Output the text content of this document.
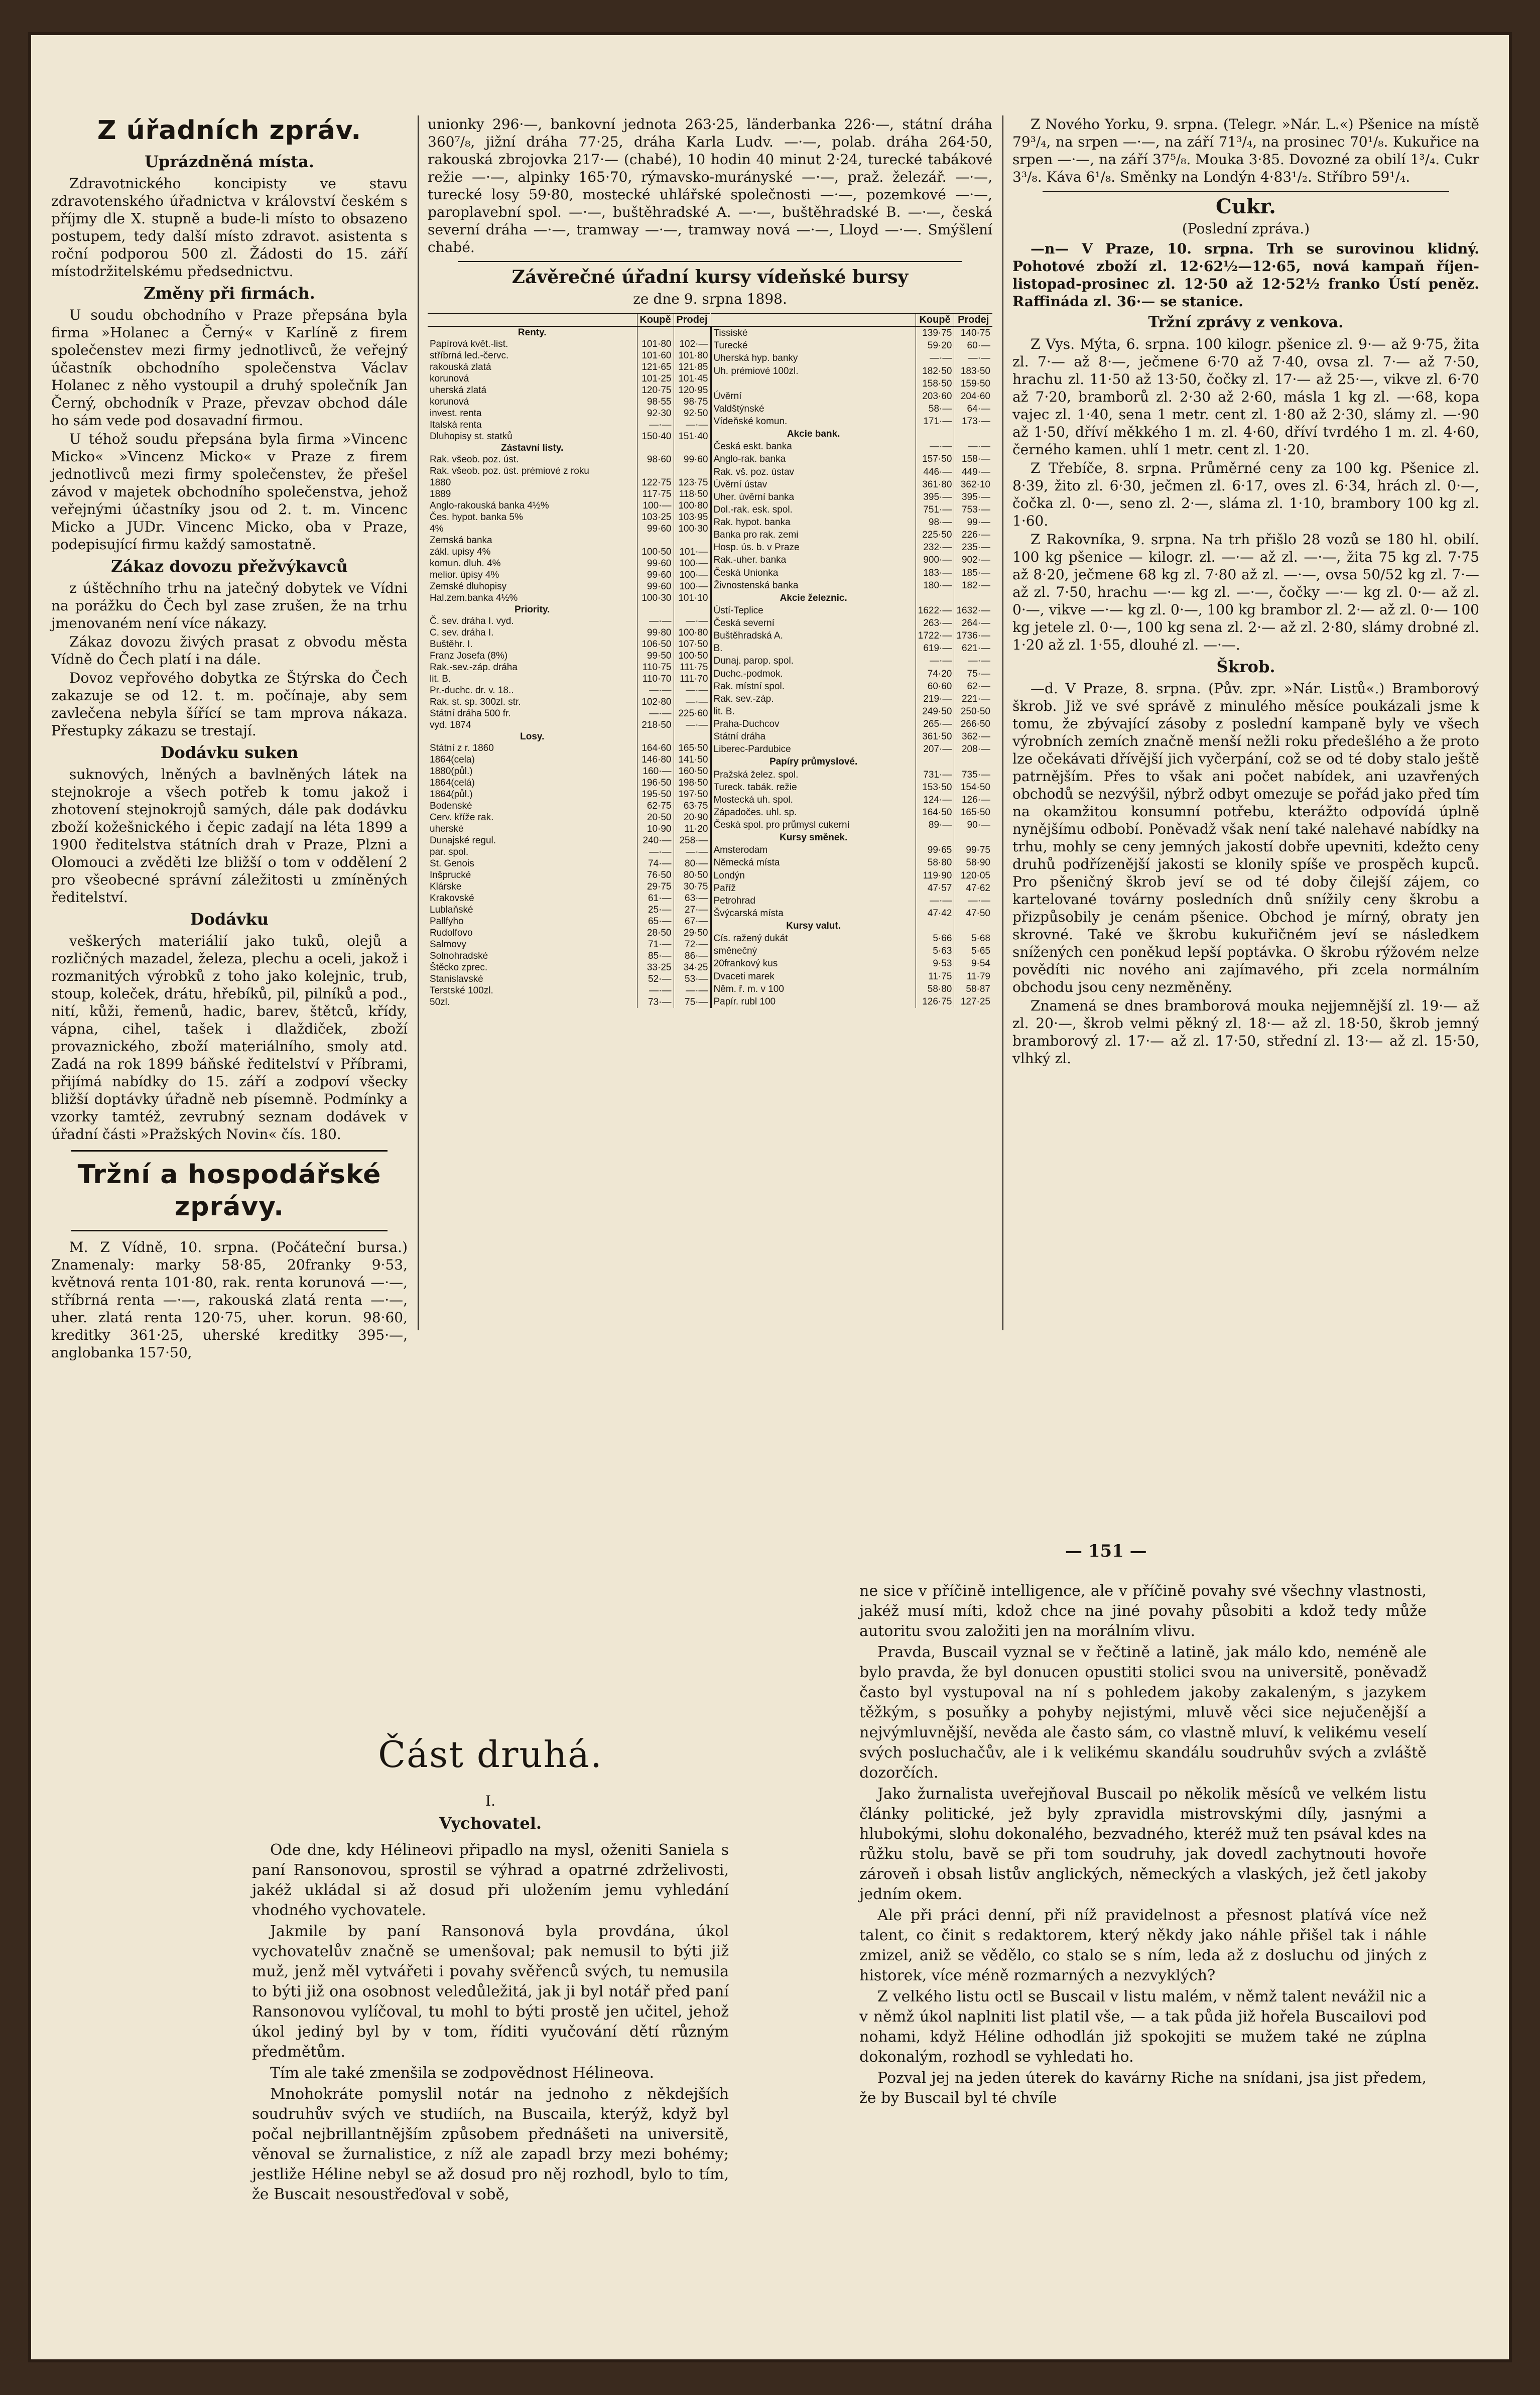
Z úřadních zpráv.
Uprázdněná místa.

Zdravotnického koncipisty ve stavu zdravotenského úřadnictva v království českém s příjmy dle X. stupně a bude-li místo to obsazeno postupem, tedy další místo zdravot. asistenta s roční podporou 500 zl. Žádosti do 15. září místodržitelskému předsednictvu.

Změny při firmách.

U soudu obchodního v Praze přepsána byla firma »Holanec a Černý« v Karlíně z firem společenstev mezi firmy jednotlivců, že veřejný účastník obchodního společenstva Václav Holanec z něho vystoupil a druhý společník Jan Černý, obchodník v Praze, převzav obchod dále ho sám vede pod dosavadní firmou.

U téhož soudu přepsána byla firma »Vincenc Micko« »Vincenz Micko« v Praze z firem jednotlivců mezi firmy společenstev, že přešel závod v majetek obchodního společenstva, jehož veřejnými účastníky jsou od 2. t. m. Vincenc Micko a JUDr. Vincenc Micko, oba v Praze, podepisující firmu každý samostatně.

Zákaz dovozu přežvýkavců

z úštěchního trhu na jatečný dobytek ve Vídni na porážku do Čech byl zase zrušen, že na trhu jmenovaném není více nákazy.

Zákaz dovozu živých prasat z obvodu města Vídně do Čech platí i na dále.

Dovoz vepřového dobytka ze Štýrska do Čech zakazuje se od 12. t. m. počínaje, aby sem zavlečena nebyla šířící se tam mprova nákaza. Přestupky zákazu se trestají.

Dodávku suken

suknových, lněných a bavlněných látek na stejnokroje a všech potřeb k tomu jakož i zhotovení stejnokrojů samých, dále pak dodávku zboží kožešnického i čepic zadají na léta 1899 a 1900 ředitelstva státních drah v Praze, Plzni a Olomouci a zvěděti lze bližší o tom v oddělení 2 pro všeobecné správní záležitosti u zmíněných ředitelství.

Dodávku

veškerých materiálií jako tuků, olejů a rozličných mazadel, železa, plechu a oceli, jakož i rozmanitých výrobků z toho jako kolejnic, trub, stoup, koleček, drátu, hřebíků, pil, pilníků a pod., nití, kůži, řemenů, hadic, barev, štětců, křídy, vápna, cihel, tašek i dlaždiček, zboží provaznického, zboží materiálního, smoly atd. Zadá na rok 1899 báňské ředitelství v Příbrami, přijímá nabídky do 15. září a zodpoví všecky bližší doptávky úřadně neb písemně. Podmínky a vzorky tamtéž, zevrubný seznam dodávek v úřadní části »Pražských Novin« čís. 180.

Tržní a hospodářské zprávy.

M. Z Vídně, 10. srpna. (Počáteční bursa.) Znamenaly: marky 58·85, 20franky 9·53, květnová renta 101·80, rak. renta korunová —·—, stříbrná renta —·—, rakouská zlatá renta —·—, uher. zlatá renta 120·75, uher. korun. 98·60, kreditky 361·25, uherské kreditky 395·—, anglobanka 157·50,

unionky 296·—, bankovní jednota 263·25, länderbanka 226·—, státní dráha 360⁷/₈, jižní dráha 77·25, dráha Karla Ludv. —·—, polab. dráha 264·50, rakouská zbrojovka 217·— (chabé), 10 hodin 40 minut 2·24, turecké tabákové režie —·—, alpinky 165·70, rýmavsko-murányské —·—, praž. železář. —·—, turecké losy 59·80, mostecké uhlářské společnosti —·—, pozemkové —·—, paroplavební spol. —·—, buštěhradské A. —·—, buštěhradské B. —·—, česká severní dráha —·—, tramway —·—, tramway nová —·—, Lloyd —·—. Smýšlení chabé.

Závěrečné úřadní kursy vídeňské bursy
ze dne 9. srpna 1898.
	Koupě	Prodej
Renty.		
Papírová květ.-list.	101·80	102·—
stříbrná led.-červc.	101·60	101·80
rakouská zlatá	121·65	121·85
korunová	101·25	101·45
uherská zlatá	120·75	120·95
korunová	98·55	98·75
invest. renta	92·30	92·50
Italská renta	—·—	—·—
Dluhopisy st. statků	150·40	151·40
Zástavní listy.		
Rak. všeob. poz. úst.	98·60	99·60
Rak. všeob. poz. úst. prémiové z roku		
1880	122·75	123·75
1889	117·75	118·50
Anglo-rakouská banka 4½%	100·—	100·80
Čes. hypot. banka 5%	103·25	103·95
4%	99·60	100·30
Zemská banka		
zákl. upisy 4%	100·50	101·—
komun. dluh. 4%	99·60	100·—
melior. úpisy 4%	99·60	100·—
Zemské dluhopisy	99·60	100·—
Hal.zem.banka 4½%	100·30	101·10
Priority.		
Č. sev. dráha I. vyd.	—·—	—·—
C. sev. dráha I.	99·80	100·80
Buštěhr. I.	106·50	107·50
Franz Josefa (8%)	99·50	100·50
Rak.-sev.-záp. dráha	110·75	111·75
lit. B.	110·70	111·70
Pr.-duchc. dr. v. 18..	—·—	—·—
Rak. st. sp. 300zl. str.	102·80	—·—
Státní dráha 500 fr.	—·—	225·60
vyd. 1874	218·50	—·—
Losy.		
Státní z r. 1860	164·60	165·50
1864(cela)	146·80	141·50
1880(půl.)	160·—	160·50
1864(celá)	196·50	198·50
1864(půl.)	195·50	197·50
Bodenské	62·75	63·75
Cerv. kříže rak.	20·50	20·90
uherské	10·90	11·20
Dunajské regul.	240·—	258·—
par. spol.	—·—	—·—
St. Genois	74·—	80·—
Inšprucké	76·50	80·50
Klárske	29·75	30·75
Krakovské	61·—	63·—
Lublaňské	25·—	27·—
Pallfyho	65·—	67·—
Rudolfovo	28·50	29·50
Salmovy	71·—	72·—
Solnohradské	85·—	86·—
Štěcko zprec.	33·25	34·25
Stanislavské	52·—	53·—
Terstské 100zl.	—·—	—·—
50zl.	73·—	75·—
	Koupě	Prodej
Tissiské	139·75	140·75
Turecké	59·20	60·—
Uherská hyp. banky	—·—	—·—
Uh. prémiové 100zl.	182·50	183·50
	158·50	159·50
Úvěrní	203·60	204·60
Valdštýnské	58·—	64·—
Vídeňské komun.	171·—	173·—
Akcie bank.		
Česká eskt. banka	—·—	—·—
Anglo-rak. banka	157·50	158·—
Rak. vš. poz. ústav	446·—	449·—
Úvěrní ústav	361·80	362·10
Uher. úvěrní banka	395·—	395·—
Dol.-rak. esk. spol.	751·—	753·—
Rak. hypot. banka	98·—	99·—
Banka pro rak. zemi	225·50	226·—
Hosp. ús. b. v Praze	232·—	235·—
Rak.-uher. banka	900·—	902·—
Česká Unionka	183·—	185·—
Živnostenská banka	180·—	182·—
Akcie železnic.		
Ústí-Teplice	1622·—	1632·—
Česká severní	263·—	264·—
Buštěhradská A.	1722·—	1736·—
B.	619·—	621·—
Dunaj. parop. spol.	—·—	—·—
Duchc.-podmok.	74·20	75·—
Rak. místní spol.	60·60	62·—
Rak. sev.-záp.	219·—	221·—
lit. B.	249·50	250·50
Praha-Duchcov	265·—	266·50
Státní dráha	361·50	362·—
Liberec-Pardubice	207·—	208·—
Papíry průmyslové.		
Pražská želez. spol.	731·—	735·—
Tureck. tabák. režie	153·50	154·50
Mostecká uh. spol.	124·—	126·—
Západočes. uhl. sp.	164·50	165·50
Česká spol. pro průmysl cukerní	89·—	90·—
Kursy směnek.		
Amsterodam	99·65	99·75
Německá místa	58·80	58·90
Londýn	119·90	120·05
Paříž	47·57	47·62
Petrohrad	—·—	—·—
Švýcarská místa	47·42	47·50
Kursy valut.		
Cís. ražený dukát	5·66	5·68
směnečný	5·63	5·65
20frankový kus	9·53	9·54
Dvaceti marek	11·75	11·79
Něm. ř. m. v 100	58·80	58·87
Papír. rubl 100	126·75	127·25

Z Nového Yorku, 9. srpna. (Telegr. »Nár. L.«) Pšenice na místě 79³/₄, na srpen —·—, na září 71³/₄, na prosinec 70¹/₈. Kukuřice na srpen —·—, na září 37⁵/₈. Mouka 3·85. Dovozné za obilí 1³/₄. Cukr 3³/₈. Káva 6¹/₈. Směnky na Londýn 4·83¹/₂. Stříbro 59¹/₄.

Cukr.
(Poslední zpráva.)

—n— V Praze, 10. srpna. Trh se surovinou klidný. Pohotové zboží zl. 12·62½—12·65, nová kampaň říjen-listopad-prosinec zl. 12·50 až 12·52½ franko Ústí peněz. Raffináda zl. 36·— se stanice.

Tržní zprávy z venkova.

Z Vys. Mýta, 6. srpna. 100 kilogr. pšenice zl. 9·— až 9·75, žita zl. 7·— až 8·—, ječmene 6·70 až 7·40, ovsa zl. 7·— až 7·50, hrachu zl. 11·50 až 13·50, čočky zl. 17·— až 25·—, vikve zl. 6·70 až 7·20, bramborů zl. 2·30 až 2·60, másla 1 kg zl. —·68, kopa vajec zl. 1·40, sena 1 metr. cent zl. 1·80 až 2·30, slámy zl. —·90 až 1·50, dříví měkkého 1 m. zl. 4·60, dříví tvrdého 1 m. zl. 4·60, černého kamen. uhlí 1 metr. cent zl. 1·20.

Z Třebíče, 8. srpna. Průměrné ceny za 100 kg. Pšenice zl. 8·39, žito zl. 6·30, ječmen zl. 6·17, oves zl. 6·34, hrách zl. 0·—, čočka zl. 0·—, seno zl. 2·—, sláma zl. 1·10, brambory 100 kg zl. 1·60.

Z Rakovníka, 9. srpna. Na trh přišlo 28 vozů se 180 hl. obilí. 100 kg pšenice — kilogr. zl. —·— až zl. —·—, žita 75 kg zl. 7·75 až 8·20, ječmene 68 kg zl. 7·80 až zl. —·—, ovsa 50/52 kg zl. 7·— až zl. 7·50, hrachu —·— kg zl. —·—, čočky —·— kg zl. 0·— až zl. 0·—, vikve —·— kg zl. 0·—, 100 kg brambor zl. 2·— až zl. 0·— 100 kg jetele zl. 0·—, 100 kg sena zl. 2·— až zl. 2·80, slámy drobné zl. 1·20 až zl. 1·55, dlouhé zl. —·—.

Škrob.

—d. V Praze, 8. srpna. (Pův. zpr. »Nár. Listů«.) Bramborový škrob. Již ve své správě z minulého měsíce poukázali jsme k tomu, že zbývající zásoby z poslední kampaně byly ve všech výrobních zemích značně menší nežli roku předešlého a že proto lze očekávati dřívější jich vyčerpání, což se od té doby stalo ještě patrnějším. Přes to však ani počet nabídek, ani uzavřených obchodů se nezvýšil, nýbrž odbyt omezuje se pořád jako před tím na okamžitou konsumní potřebu, kterážto odpovídá úplně nynějšímu odbobí. Poněvadž však není také nalehavé nabídky na trhu, mohly se ceny jemných jakostí dobře upevniti, kdežto ceny druhů podřízenější jakosti se klonily spíše ve prospěch kupců. Pro pšeničný škrob jeví se od té doby čilejší zájem, co kartelované továrny posledních dnů snížily ceny škrobu a přizpůsobily je cenám pšenice. Obchod je mírný, obraty jen skrovné. Také ve škrobu kukuřičném jeví se následkem snížených cen poněkud lepší poptávka. O škrobu rýžovém nelze povědíti nic nového ani zajímavého, při zcela normálním obchodu jsou ceny nezměněny.

Znamená se dnes bramborová mouka nejjemnější zl. 19·— až zl. 20·—, škrob velmi pěkný zl. 18·— až zl. 18·50, škrob jemný bramborový zl. 17·— až zl. 17·50, střední zl. 13·— až zl. 15·50, vlhký zl.

— 151 —
Část druhá.
I.
Vychovatel.

Ode dne, kdy Hélineovi připadlo na mysl, oženiti Saniela s paní Ransonovou, sprostil se výhrad a opatrné zdrželivosti, jakéž ukládal si až dosud při uložením jemu vyhledání vhodného vychovatele.

Jakmile by paní Ransonová byla provdána, úkol vychovatelův značně se umenšoval; pak nemusil to býti již muž, jenž měl vytvářeti i povahy svěřenců svých, tu nemusila to býti již ona osobnost veledůležitá, jak ji byl notář před paní Ransonovou vylíčoval, tu mohl to býti prostě jen učitel, jehož úkol jediný byl by v tom, říditi vyučování dětí různým předmětům.

Tím ale také zmenšila se zodpovědnost Hélineova.

Mnohokráte pomyslil notár na jednoho z někdejších soudruhův svých ve studiích, na Buscaila, kterýž, když byl počal nejbrillantnějším způsobem přednášeti na universitě, věnoval se žurnalistice, z níž ale zapadl brzy mezi bohémy; jestliže Héline nebyl se až dosud pro něj rozhodl, bylo to tím, že Buscait nesoustřeďoval v sobě,

ne sice v příčině intelligence, ale v příčině povahy své všechny vlastnosti, jakéž musí míti, kdož chce na jiné povahy působiti a kdož tedy může autoritu svou založiti jen na morálním vlivu.

Pravda, Buscail vyznal se v řečtině a latině, jak málo kdo, neméně ale bylo pravda, že byl donucen opustiti stolici svou na universitě, poněvadž často byl vystupoval na ní s pohledem jakoby zakaleným, s jazykem těžkým, s posuňky a pohyby nejistými, mluvě věci sice nejučenější a nejvýmluvnější, nevěda ale často sám, co vlastně mluví, k velikému veselí svých posluchačův, ale i k velikému skandálu soudruhův svých a zvláště dozorčích.

Jako žurnalista uveřejňoval Buscail po několik měsíců ve velkém listu články politické, jež byly zpravidla mistrovskými díly, jasnými a hlubokými, slohu dokonalého, bezvadného, kteréž muž ten psával kdes na růžku stolu, bavě se při tom soudruhy, jak dovedl zachytnouti hovoře zároveň i obsah listův anglických, německých a vlaských, jež četl jakoby jedním okem.

Ale při práci denní, při níž pravidelnost a přesnost platívá více než talent, co činit s redaktorem, který někdy jako náhle přišel tak i náhle zmizel, aniž se vědělo, co stalo se s ním, leda až z dosluchu od jiných z historek, více méně rozmarných a nezvyklých?

Z velkého listu octl se Buscail v listu malém, v němž talent nevážil nic a v němž úkol naplniti list platil vše, — a tak půda již hořela Buscailovi pod nohami, když Héline odhodlán již spokojiti se mužem také ne zúplna dokonalým, rozhodl se vyhledati ho.

Pozval jej na jeden úterek do kavárny Riche na snídani, jsa jist předem, že by Buscail byl té chvíle
